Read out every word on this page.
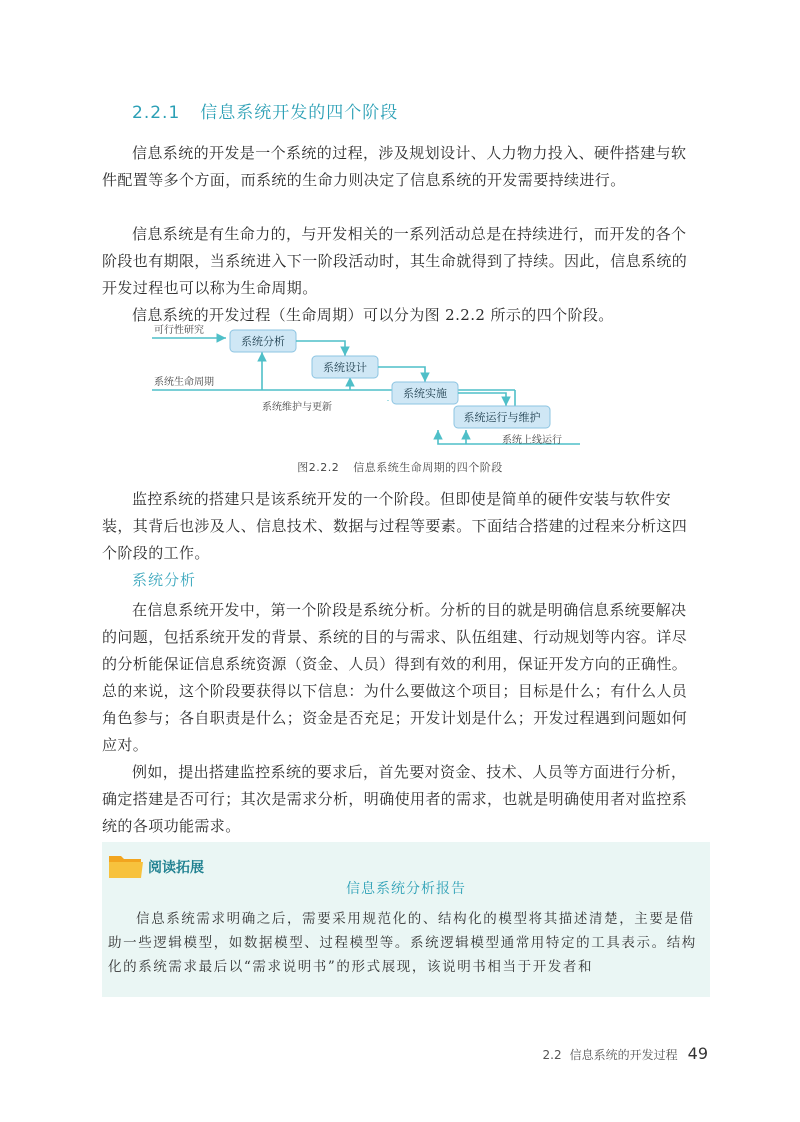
2.2.1 信息系统开发的四个阶段

信息系统的开发是一个系统的过程，涉及规划设计、人力物力投入、硬件搭建与软件配置等多个方面，而系统的生命力则决定了信息系统的开发需要持续进行。

信息系统是有生命力的，与开发相关的一系列活动总是在持续进行，而开发的各个阶段也有期限，当系统进入下一阶段活动时，其生命就得到了持续。因此，信息系统的开发过程也可以称为生命周期。

信息系统的开发过程（生命周期）可以分为图 2.2.2 所示的四个阶段。

可行性研究
系统生命周期
系统维护与更新
系统分析
系统设计
系统实施
系统运行与维护
系统上线运行
图2.2.2 信息系统生命周期的四个阶段

监控系统的搭建只是该系统开发的一个阶段。但即使是简单的硬件安装与软件安装，其背后也涉及人、信息技术、数据与过程等要素。下面结合搭建的过程来分析这四个阶段的工作。

系统分析

在信息系统开发中，第一个阶段是系统分析。分析的目的就是明确信息系统要解决的问题，包括系统开发的背景、系统的目的与需求、队伍组建、行动规划等内容。详尽的分析能保证信息系统资源（资金、人员）得到有效的利用，保证开发方向的正确性。总的来说，这个阶段要获得以下信息：为什么要做这个项目；目标是什么；有什么人员角色参与；各自职责是什么；资金是否充足；开发计划是什么；开发过程遇到问题如何应对。

例如，提出搭建监控系统的要求后，首先要对资金、技术、人员等方面进行分析，确定搭建是否可行；其次是需求分析，明确使用者的需求，也就是明确使用者对监控系统的各项功能需求。

阅读拓展
信息系统分析报告

信息系统需求明确之后，需要采用规范化的、结构化的模型将其描述清楚，主要是借助一些逻辑模型，如数据模型、过程模型等。系统逻辑模型通常用特定的工具表示。结构化的系统需求最后以“需求说明书”的形式展现，该说明书相当于开发者和

2.2 信息系统的开发过程 49
